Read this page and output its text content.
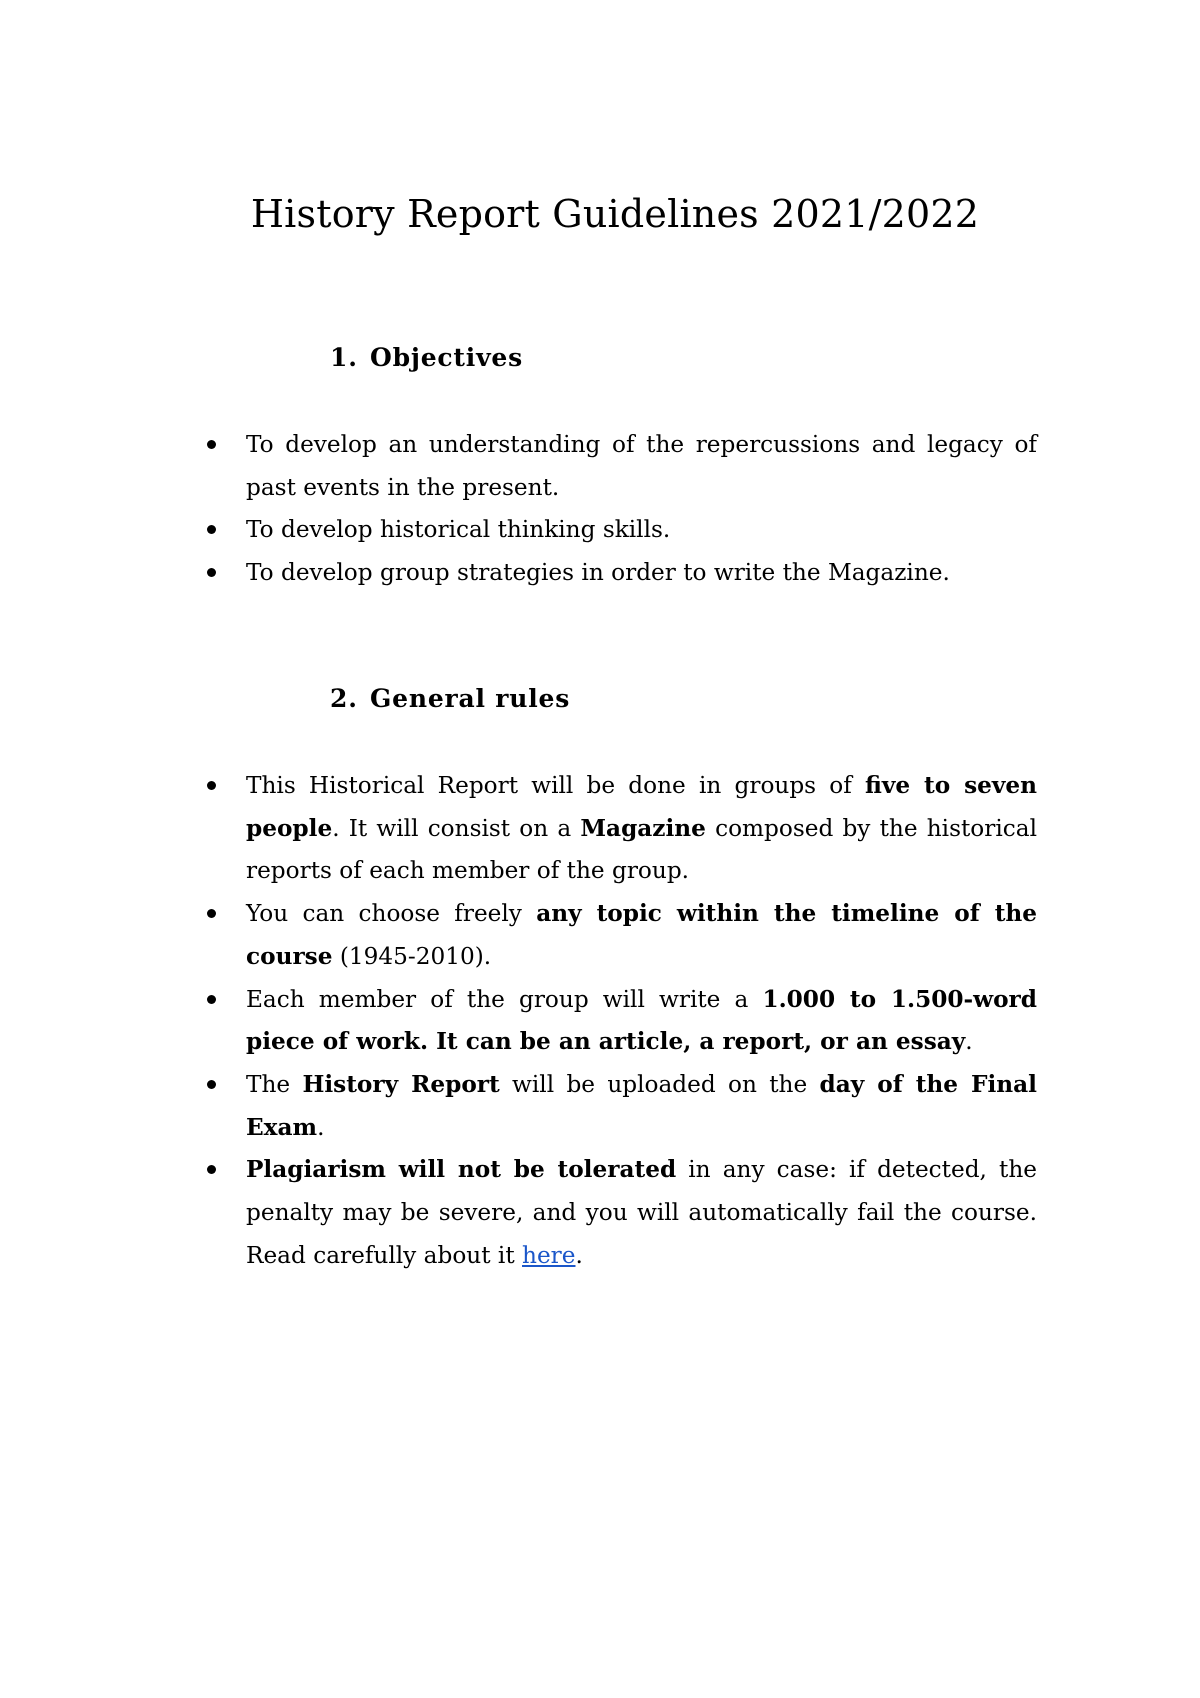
History Report Guidelines 2021/2022
1. Objectives
To develop an understanding of the repercussions and legacy of past events in the present.
To develop historical thinking skills.
To develop group strategies in order to write the Magazine.
2. General rules
This Historical Report will be done in groups of five to seven people. It will consist on a Magazine composed by the historical reports of each member of the group.
You can choose freely any topic within the timeline of the course (1945-2010).
Each member of the group will write a 1.000 to 1.500-word piece of work. It can be an article, a report, or an essay.
The History Report will be uploaded on the day of the Final Exam.
Plagiarism will not be tolerated in any case: if detected, the penalty may be severe, and you will automatically fail the course. Read carefully about it here.
